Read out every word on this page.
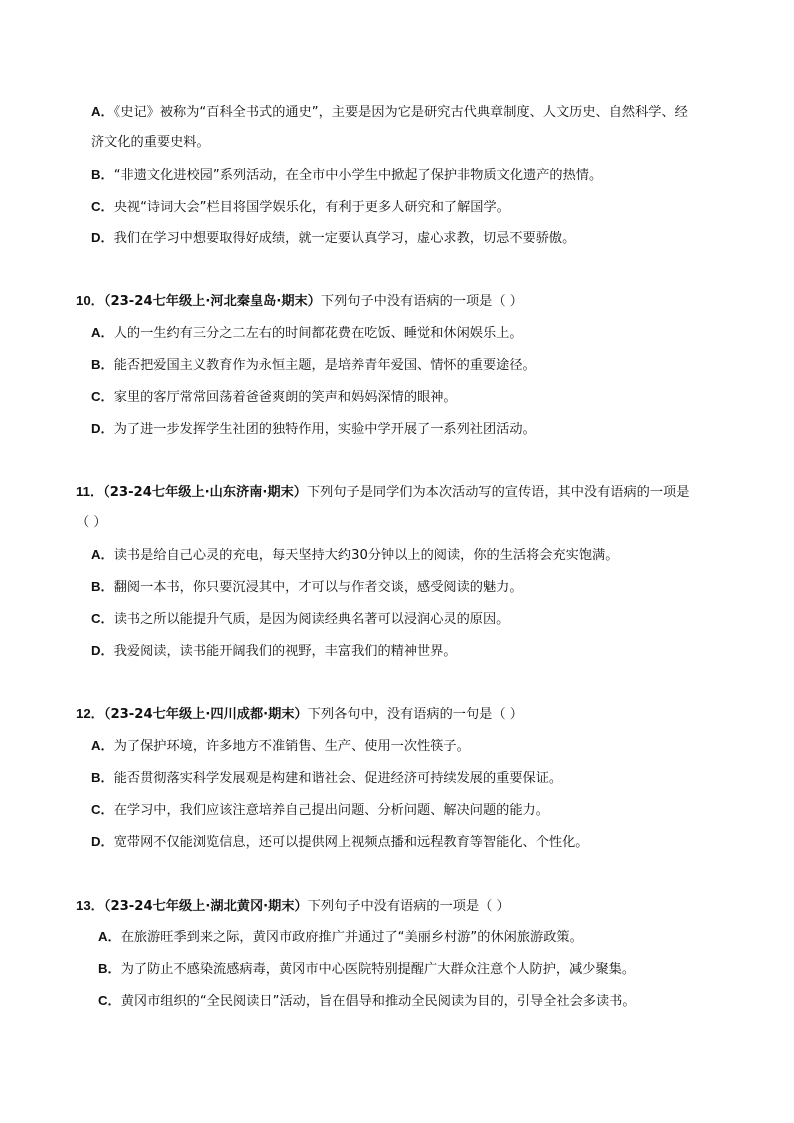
A．《史记》被称为“百科全书式的通史”，主要是因为它是研究古代典章制度、人文历史、自然科学、经
济文化的重要史料。
B．“非遗文化进校园”系列活动，在全市中小学生中掀起了保护非物质文化遗产的热情。
C．央视“诗词大会”栏目将国学娱乐化，有利于更多人研究和了解国学。
D．我们在学习中想要取得好成绩，就一定要认真学习，虚心求教，切忌不要骄傲。
10．（23-24七年级上·河北秦皇岛·期末）下列句子中没有语病的一项是（ ）
A．人的一生约有三分之二左右的时间都花费在吃饭、睡觉和休闲娱乐上。
B．能否把爱国主义教育作为永恒主题，是培养青年爱国、情怀的重要途径。
C．家里的客厅常常回荡着爸爸爽朗的笑声和妈妈深情的眼神。
D．为了进一步发挥学生社团的独特作用，实验中学开展了一系列社团活动。
11．（23-24七年级上·山东济南·期末）下列句子是同学们为本次活动写的宣传语，其中没有语病的一项是
（ ）
A．读书是给自己心灵的充电，每天坚持大约30分钟以上的阅读，你的生活将会充实饱满。
B．翻阅一本书，你只要沉浸其中，才可以与作者交谈，感受阅读的魅力。
C．读书之所以能提升气质，是因为阅读经典名著可以浸润心灵的原因。
D．我爱阅读，读书能开阔我们的视野，丰富我们的精神世界。
12．（23-24七年级上·四川成都·期末）下列各句中，没有语病的一句是（ ）
A．为了保护环境，许多地方不准销售、生产、使用一次性筷子。
B．能否贯彻落实科学发展观是构建和谐社会、促进经济可持续发展的重要保证。
C．在学习中，我们应该注意培养自己提出问题、分析问题、解决问题的能力。
D．宽带网不仅能浏览信息，还可以提供网上视频点播和远程教育等智能化、个性化。
13．（23-24七年级上·湖北黄冈·期末）下列句子中没有语病的一项是（ ）
A．在旅游旺季到来之际，黄冈市政府推广并通过了“美丽乡村游”的休闲旅游政策。
B．为了防止不感染流感病毒，黄冈市中心医院特别提醒广大群众注意个人防护，减少聚集。
C．黄冈市组织的“全民阅读日”活动，旨在倡导和推动全民阅读为目的，引导全社会多读书。
